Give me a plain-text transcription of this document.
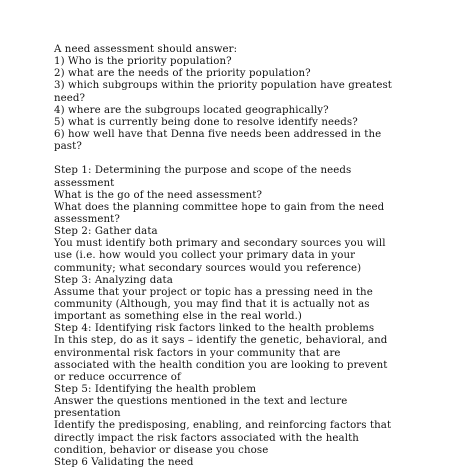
A need assessment should answer:
1) Who is the priority population?
2) what are the needs of the priority population?
3) which subgroups within the priority population have greatest
need?
4) where are the subgroups located geographically?
5) what is currently being done to resolve identify needs?
6) how well have that Denna five needs been addressed in the
past?
Step 1: Determining the purpose and scope of the needs
assessment
What is the go of the need assessment?
What does the planning committee hope to gain from the need
assessment?
Step 2: Gather data
You must identify both primary and secondary sources you will
use (i.e. how would you collect your primary data in your
community; what secondary sources would you reference)
Step 3: Analyzing data
Assume that your project or topic has a pressing need in the
community (Although, you may find that it is actually not as
important as something else in the real world.)
Step 4: Identifying risk factors linked to the health problems
In this step, do as it says – identify the genetic, behavioral, and
environmental risk factors in your community that are
associated with the health condition you are looking to prevent
or reduce occurrence of
Step 5: Identifying the health problem
Answer the questions mentioned in the text and lecture
presentation
Identify the predisposing, enabling, and reinforcing factors that
directly impact the risk factors associated with the health
condition, behavior or disease you chose
Step 6 Validating the need
